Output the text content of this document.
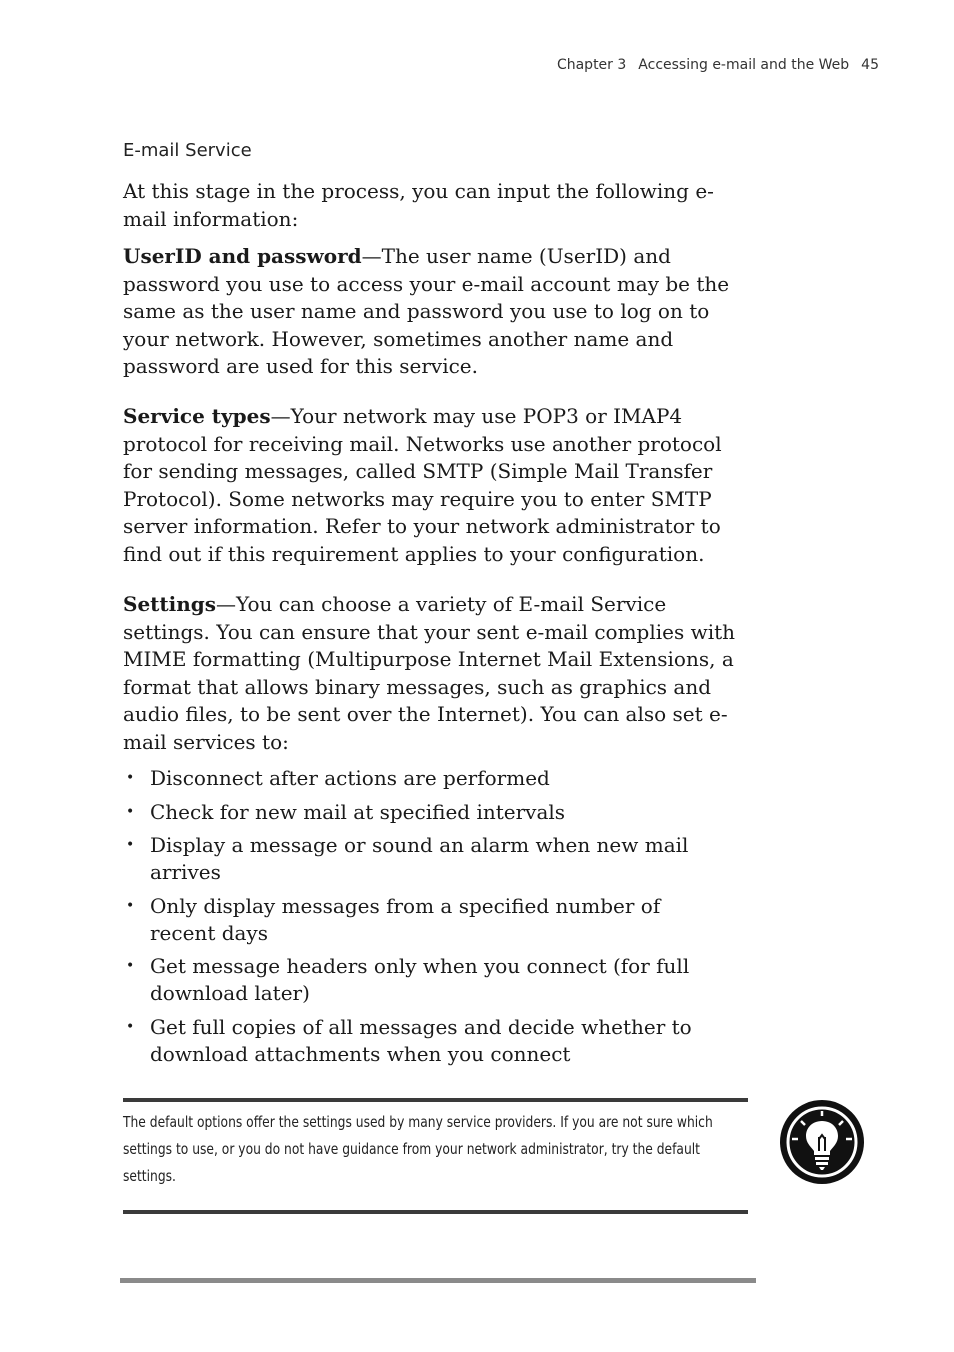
Chapter 3 Accessing e-mail and the Web 45
E-mail Service

At this stage in the process, you can input the following e-mail information:

UserID and password—The user name (UserID) and password you use to access your e-mail account may be the same as the user name and password you use to log on to your network. However, sometimes another name and password are used for this service.

Service types—Your network may use POP3 or IMAP4 protocol for receiving mail. Networks use another protocol for sending messages, called SMTP (Simple Mail Transfer Protocol). Some networks may require you to enter SMTP server information. Refer to your network administrator to find out if this requirement applies to your configuration.

Settings—You can choose a variety of E-mail Service settings. You can ensure that your sent e-mail complies with MIME formatting (Multipurpose Internet Mail Extensions, a format that allows binary messages, such as graphics and audio files, to be sent over the Internet). You can also set e-mail services to:

• Disconnect after actions are performed
• Check for new mail at specified intervals
• Display a message or sound an alarm when new mail arrives
• Only display messages from a specified number of recent days
• Get message headers only when you connect (for full download later)
• Get full copies of all messages and decide whether to download attachments when you connect

The default options offer the settings used by many service providers. If you are not sure which settings to use, or you do not have guidance from your network administrator, try the default settings.
